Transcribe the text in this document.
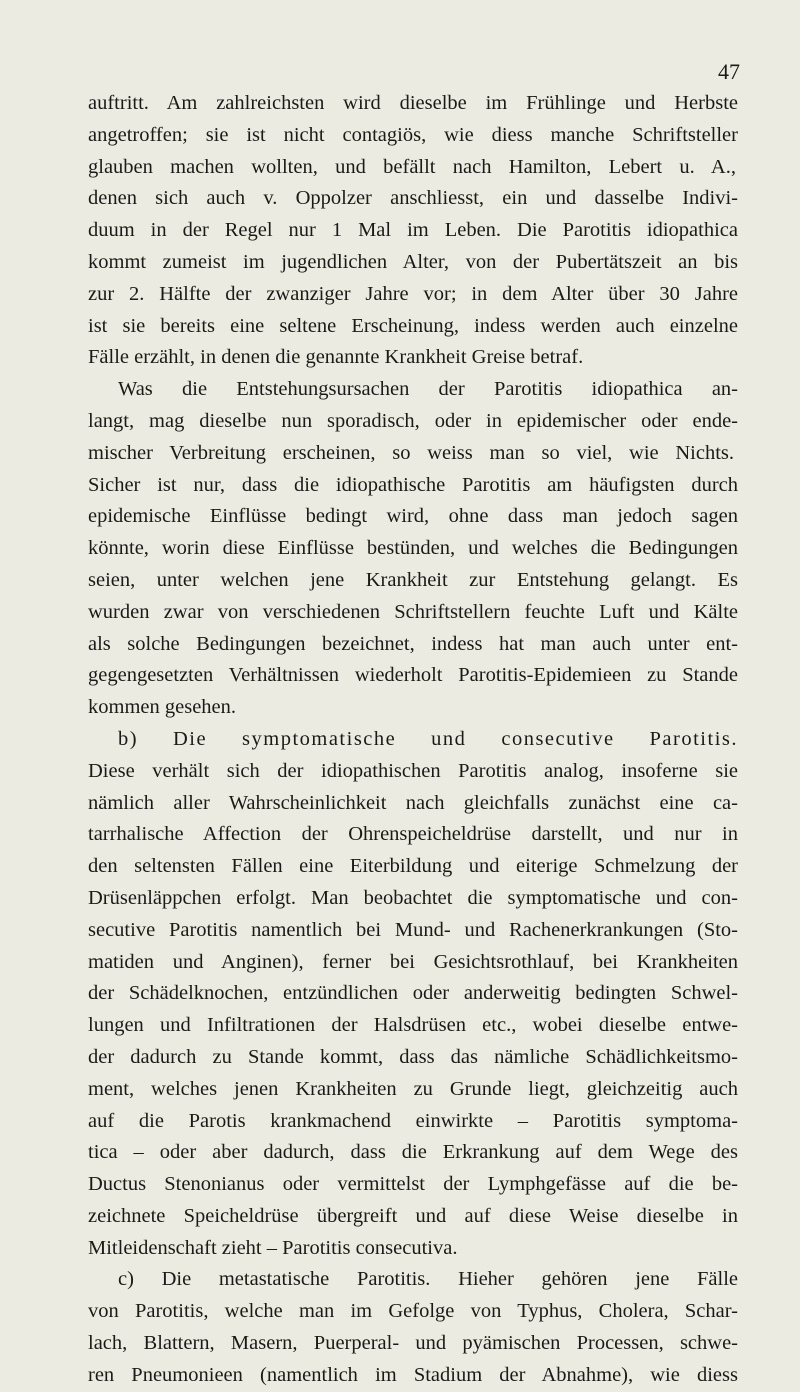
47
auftritt. Am zahlreichsten wird dieselbe im Frühlinge und Herbste
angetroffen; sie ist nicht contagiös, wie diess manche Schriftsteller
glauben machen wollten, und befällt nach Hamilton, Lebert u. A.,
denen sich auch v. Oppolzer anschliesst, ein und dasselbe Indivi-
duum in der Regel nur 1 Mal im Leben. Die Parotitis idiopathica
kommt zumeist im jugendlichen Alter, von der Pubertätszeit an bis
zur 2. Hälfte der zwanziger Jahre vor; in dem Alter über 30 Jahre
ist sie bereits eine seltene Erscheinung, indess werden auch einzelne
Fälle erzählt, in denen die genannte Krankheit Greise betraf.
Was die Entstehungsursachen der Parotitis idiopathica an-
langt, mag dieselbe nun sporadisch, oder in epidemischer oder ende-
mischer Verbreitung erscheinen, so weiss man so viel, wie Nichts.
Sicher ist nur, dass die idiopathische Parotitis am häufigsten durch
epidemische Einflüsse bedingt wird, ohne dass man jedoch sagen
könnte, worin diese Einflüsse bestünden, und welches die Bedingungen
seien, unter welchen jene Krankheit zur Entstehung gelangt. Es
wurden zwar von verschiedenen Schriftstellern feuchte Luft und Kälte
als solche Bedingungen bezeichnet, indess hat man auch unter ent-
gegengesetzten Verhältnissen wiederholt Parotitis-Epidemieen zu Stande
kommen gesehen.
b) Die symptomatische und consecutive Parotitis.
Diese verhält sich der idiopathischen Parotitis analog, insoferne sie
nämlich aller Wahrscheinlichkeit nach gleichfalls zunächst eine ca-
tarrhalische Affection der Ohrenspeicheldrüse darstellt, und nur in
den seltensten Fällen eine Eiterbildung und eiterige Schmelzung der
Drüsenläppchen erfolgt. Man beobachtet die symptomatische und con-
secutive Parotitis namentlich bei Mund- und Rachenerkrankungen (Sto-
matiden und Anginen), ferner bei Gesichtsrothlauf, bei Krankheiten
der Schädelknochen, entzündlichen oder anderweitig bedingten Schwel-
lungen und Infiltrationen der Halsdrüsen etc., wobei dieselbe entwe-
der dadurch zu Stande kommt, dass das nämliche Schädlichkeitsmo-
ment, welches jenen Krankheiten zu Grunde liegt, gleichzeitig auch
auf die Parotis krankmachend einwirkte – Parotitis symptoma-
tica – oder aber dadurch, dass die Erkrankung auf dem Wege des
Ductus Stenonianus oder vermittelst der Lymphgefässe auf die be-
zeichnete Speicheldrüse übergreift und auf diese Weise dieselbe in
Mitleidenschaft zieht – Parotitis consecutiva.
c) Die metastatische Parotitis. Hieher gehören jene Fälle
von Parotitis, welche man im Gefolge von Typhus, Cholera, Schar-
lach, Blattern, Masern, Puerperal- und pyämischen Processen, schwe-
ren Pneumonieen (namentlich im Stadium der Abnahme), wie diess
